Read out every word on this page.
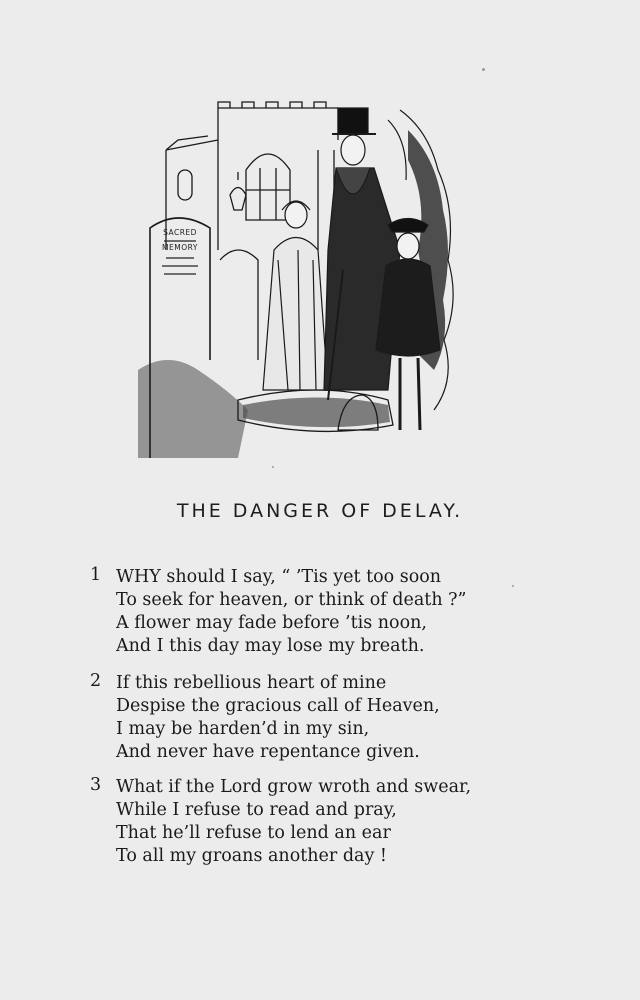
SACRED
MEMORY
THE DANGER OF DELAY.
1 WHY should I say, “ ’Tis yet too soon
To seek for heaven, or think of death ?”
A flower may fade before ’tis noon,
And I this day may lose my breath.
2 If this rebellious heart of mine
Despise the gracious call of Heaven,
I may be harden’d in my sin,
And never have repentance given.
3 What if the Lord grow wroth and swear,
While I refuse to read and pray,
That he’ll refuse to lend an ear
To all my groans another day !
